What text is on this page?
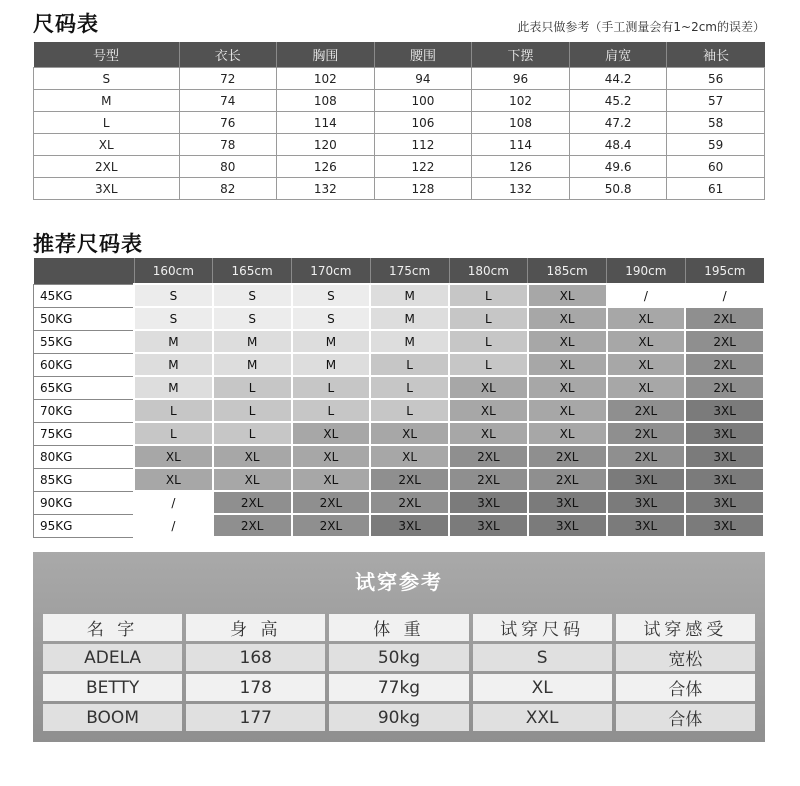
尺码表	此表只做参考（手工测量会有1~2cm的误差）
号型	衣长	胸围	腰围	下摆	肩宽	袖长
S	72	102	94	96	44.2	56
M	74	108	100	102	45.2	57
L	76	114	106	108	47.2	58
XL	78	120	112	114	48.4	59
2XL	80	126	122	126	49.6	60
3XL	82	132	128	132	50.8	61
推荐尺码表
	160cm	165cm	170cm	175cm	180cm	185cm	190cm	195cm
45KG	S	S	S	M	L	XL	/	/
50KG	S	S	S	M	L	XL	XL	2XL
55KG	M	M	M	M	L	XL	XL	2XL
60KG	M	M	M	L	L	XL	XL	2XL
65KG	M	L	L	L	XL	XL	XL	2XL
70KG	L	L	L	L	XL	XL	2XL	3XL
75KG	L	L	XL	XL	XL	XL	2XL	3XL
80KG	XL	XL	XL	XL	2XL	2XL	2XL	3XL
85KG	XL	XL	XL	2XL	2XL	2XL	3XL	3XL
90KG	/	2XL	2XL	2XL	3XL	3XL	3XL	3XL
95KG	/	2XL	2XL	3XL	3XL	3XL	3XL	3XL
试穿参考
名 字	身 高	体 重	试穿尺码	试穿感受
ADELA	168	50kg	S	宽松
BETTY	178	77kg	XL	合体
BOOM	177	90kg	XXL	合体
